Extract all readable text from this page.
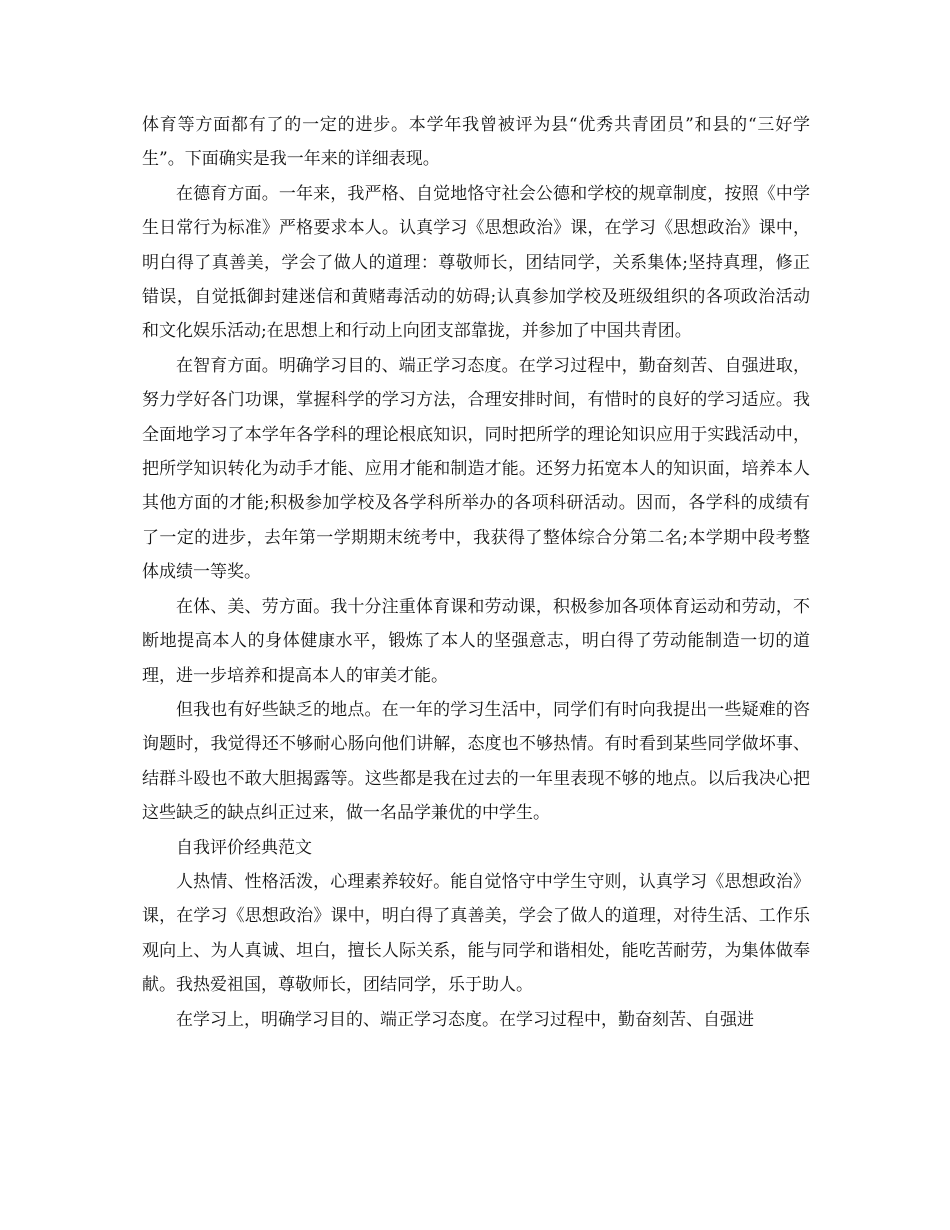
体育等方面都有了的一定的进步。本学年我曾被评为县“优秀共青团员”和县的“三好学生”。下面确实是我一年来的详细表现。

在德育方面。一年来，我严格、自觉地恪守社会公德和学校的规章制度，按照《中学生日常行为标准》严格要求本人。认真学习《思想政治》课，在学习《思想政治》课中，明白得了真善美，学会了做人的道理：尊敬师长，团结同学，关系集体;坚持真理，修正错误，自觉抵御封建迷信和黄赌毒活动的妨碍;认真参加学校及班级组织的各项政治活动和文化娱乐活动;在思想上和行动上向团支部靠拢，并参加了中国共青团。

在智育方面。明确学习目的、端正学习态度。在学习过程中，勤奋刻苦、自强进取，努力学好各门功课，掌握科学的学习方法，合理安排时间，有惜时的良好的学习适应。我全面地学习了本学年各学科的理论根底知识，同时把所学的理论知识应用于实践活动中，把所学知识转化为动手才能、应用才能和制造才能。还努力拓宽本人的知识面，培养本人其他方面的才能;积极参加学校及各学科所举办的各项科研活动。因而，各学科的成绩有了一定的进步，去年第一学期期末统考中，我获得了整体综合分第二名;本学期中段考整体成绩一等奖。

在体、美、劳方面。我十分注重体育课和劳动课，积极参加各项体育运动和劳动，不断地提高本人的身体健康水平，锻炼了本人的坚强意志，明白得了劳动能制造一切的道理，进一步培养和提高本人的审美才能。

但我也有好些缺乏的地点。在一年的学习生活中，同学们有时向我提出一些疑难的咨询题时，我觉得还不够耐心肠向他们讲解，态度也不够热情。有时看到某些同学做坏事、结群斗殴也不敢大胆揭露等。这些都是我在过去的一年里表现不够的地点。以后我决心把这些缺乏的缺点纠正过来，做一名品学兼优的中学生。

自我评价经典范文

人热情、性格活泼，心理素养较好。能自觉恪守中学生守则，认真学习《思想政治》课，在学习《思想政治》课中，明白得了真善美，学会了做人的道理，对待生活、工作乐观向上、为人真诚、坦白，擅长人际关系，能与同学和谐相处，能吃苦耐劳，为集体做奉献。我热爱祖国，尊敬师长，团结同学，乐于助人。

在学习上，明确学习目的、端正学习态度。在学习过程中，勤奋刻苦、自强进
